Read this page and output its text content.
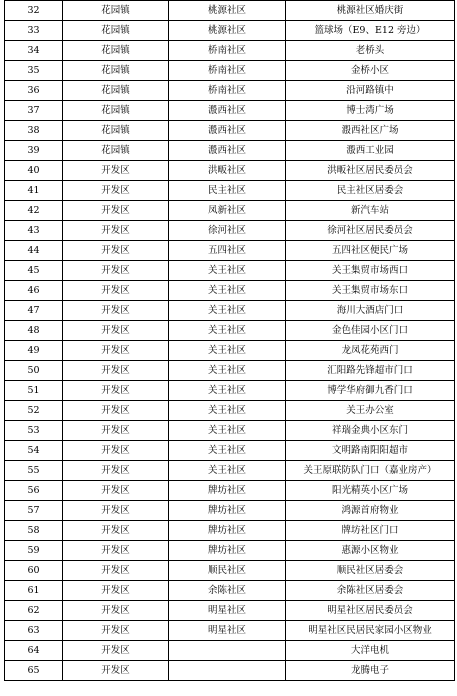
32	花园镇	桃源社区	桃源社区婚庆街
33	花园镇	桃源社区	篮球场（E9、E12 旁边）
34	花园镇	桥南社区	老桥头
35	花园镇	桥南社区	金桥小区
36	花园镇	桥南社区	沿河路镇中
37	花园镇	溵西社区	博士湾广场
38	花园镇	溵西社区	溵西社区广场
39	花园镇	溵西社区	溵西工业园
40	开发区	洪畈社区	洪畈社区居民委员会
41	开发区	民主社区	民主社区居委会
42	开发区	凤新社区	新汽车站
43	开发区	徐河社区	徐河社区居民委员会
44	开发区	五四社区	五四社区便民广场
45	开发区	关王社区	关王集贸市场西口
46	开发区	关王社区	关王集贸市场东口
47	开发区	关王社区	海川大酒店门口
48	开发区	关王社区	金色佳园小区门口
49	开发区	关王社区	龙凤花苑西门
50	开发区	关王社区	汇阳路先锋超市门口
51	开发区	关王社区	博学华府御九香门口
52	开发区	关王社区	关王办公室
53	开发区	关王社区	祥瑞金典小区东门
54	开发区	关王社区	文明路南阳阳超市
55	开发区	关王社区	关王原联防队门口（嘉业房产）
56	开发区	牌坊社区	阳光精英小区广场
57	开发区	牌坊社区	鸿源首府物业
58	开发区	牌坊社区	牌坊社区门口
59	开发区	牌坊社区	惠源小区物业
60	开发区	顺民社区	顺民社区居委会
61	开发区	余陈社区	余陈社区居委会
62	开发区	明星社区	明星社区居民委员会
63	开发区	明星社区	明星社区民居民家园小区物业
64	开发区		大洋电机
65	开发区		龙腾电子
